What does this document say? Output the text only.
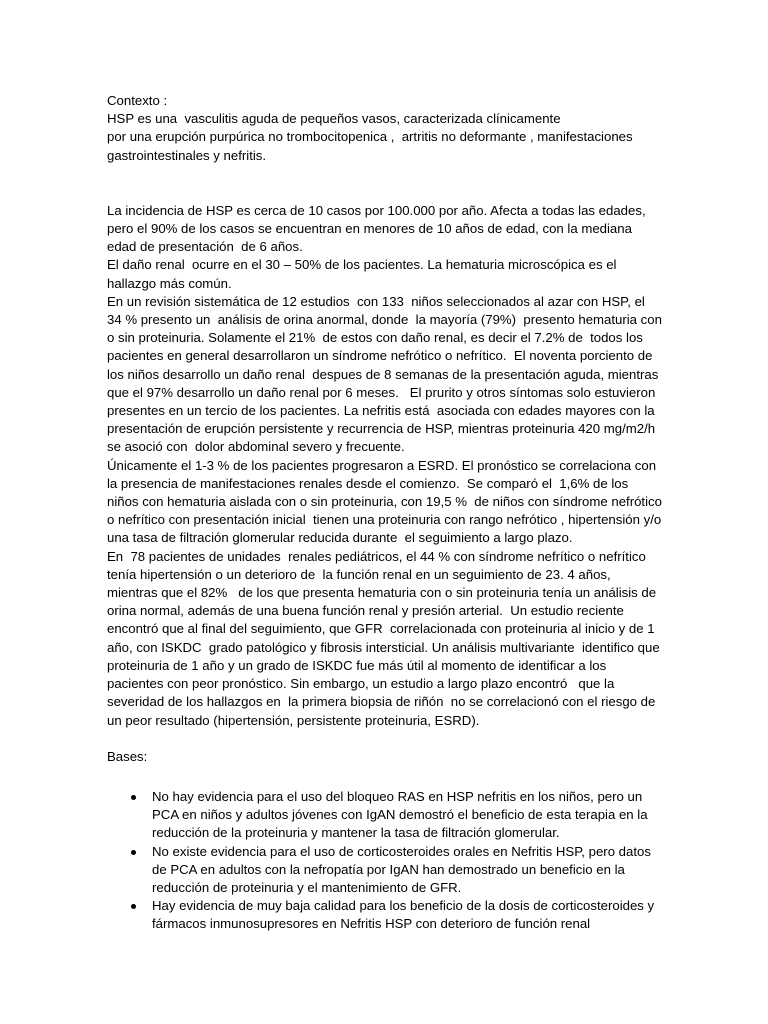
Contexto :

HSP es una  vasculitis aguda de pequeños vasos, caracterizada clínicamente

por una erupción purpúrica no trombocitopenica ,  artritis no deformante , manifestaciones gastrointestinales y nefritis.

La incidencia de HSP es cerca de 10 casos por 100.000 por año. Afecta a todas las edades, pero el 90% de los casos se encuentran en menores de 10 años de edad, con la mediana edad de presentación  de 6 años.

El daño renal  ocurre en el 30 – 50% de los pacientes. La hematuria microscópica es el hallazgo más común.

En un revisión sistemática de 12 estudios  con 133  niños seleccionados al azar con HSP, el 34 % presento un  análisis de orina anormal, donde  la mayoría (79%)  presento hematuria con o sin proteinuria. Solamente el 21%  de estos con daño renal, es decir el 7.2% de  todos los pacientes en general desarrollaron un síndrome nefrótico o nefrítico.  El noventa porciento de los niños desarrollo un daño renal  despues de 8 semanas de la presentación aguda, mientras que el 97% desarrollo un daño renal por 6 meses.   El prurito y otros síntomas solo estuvieron presentes en un tercio de los pacientes. La nefritis está  asociada con edades mayores con la presentación de erupción persistente y recurrencia de HSP, mientras proteinuria 420 mg/m2/h se asoció con  dolor abdominal severo y frecuente.

Únicamente el 1-3 % de los pacientes progresaron a ESRD. El pronóstico se correlaciona con la presencia de manifestaciones renales desde el comienzo.  Se comparó el  1,6% de los niños con hematuria aislada con o sin proteinuria, con 19,5 %  de niños con síndrome nefrótico o nefrítico con presentación inicial  tienen una proteinuria con rango nefrótico , hipertensión y/o una tasa de filtración glomerular reducida durante  el seguimiento a largo plazo.

En  78 pacientes de unidades  renales pediátricos, el 44 % con síndrome nefrítico o nefrítico tenía hipertensión o un deterioro de  la función renal en un seguimiento de 23. 4 años, mientras que el 82%   de los que presenta hematuria con o sin proteinuria tenía un análisis de orina normal, además de una buena función renal y presión arterial.  Un estudio reciente encontró que al final del seguimiento, que GFR  correlacionada con proteinuria al inicio y de 1 año, con ISKDC  grado patológico y fibrosis intersticial. Un análisis multivariante  identifico que proteinuria de 1 año y un grado de ISKDC fue más útil al momento de identificar a los pacientes con peor pronóstico. Sin embargo, un estudio a largo plazo encontró   que la severidad de los hallazgos en  la primera biopsia de riñón  no se correlacionó con el riesgo de un peor resultado (hipertensión, persistente proteinuria, ESRD).

Bases:

No hay evidencia para el uso del bloqueo RAS en HSP nefritis en los niños, pero un PCA en niños y adultos jóvenes con IgAN demostró el beneficio de esta terapia en la reducción de la proteinuria y mantener la tasa de filtración glomerular.
No existe evidencia para el uso de corticosteroides orales en Nefritis HSP, pero datos de PCA en adultos con la nefropatía por IgAN han demostrado un beneficio en la reducción de proteinuria y el mantenimiento de GFR.
Hay evidencia de muy baja calidad para los beneficio de la dosis de corticosteroides y fármacos inmunosupresores en Nefritis HSP con deterioro de función renal
